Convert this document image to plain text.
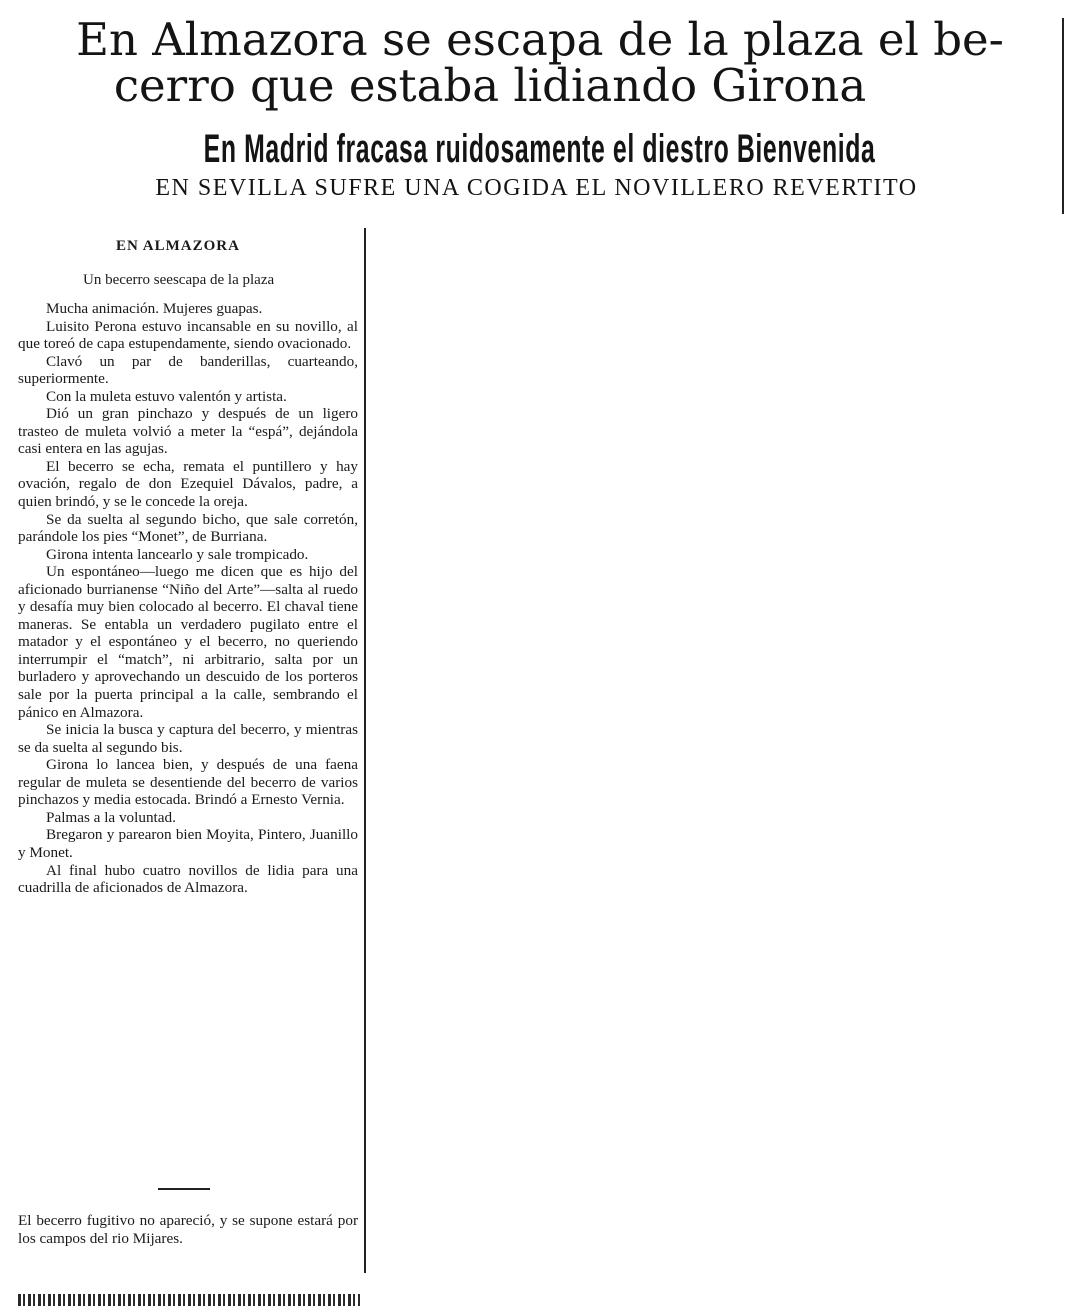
En Almazora se escapa de la plaza el be-
cerro que estaba lidiando Girona
En Madrid fracasa ruidosamente el diestro Bienvenida
EN SEVILLA SUFRE UNA COGIDA EL NOVILLERO REVERTITO
EN ALMAZORA
Un becerro seescapa de la plaza

Mucha animación. Mujeres guapas.

Luisito Perona estuvo incansable en su novillo, al que toreó de capa estupendamente, siendo ovacionado.

Clavó un par de banderillas, cuarteando, superiormente.

Con la muleta estuvo valentón y artista.

Dió un gran pinchazo y después de un ligero trasteo de muleta volvió a meter la “espá”, dejándola casi entera en las agujas.

El becerro se echa, remata el puntillero y hay ovación, regalo de don Ezequiel Dávalos, padre, a quien brindó, y se le concede la oreja.

Se da suelta al segundo bicho, que sale corretón, parándole los pies “Monet”, de Burriana.

Girona intenta lancearlo y sale trompicado.

Un espontáneo—luego me dicen que es hijo del aficionado burrianense “Niño del Arte”—salta al ruedo y desafía muy bien colocado al becerro. El chaval tiene maneras. Se entabla un verdadero pugilato entre el matador y el espontáneo y el becerro, no queriendo interrumpir el “match”, ni arbitrario, salta por un burladero y aprovechando un descuido de los porteros sale por la puerta principal a la calle, sembrando el pánico en Almazora.

Se inicia la busca y captura del becerro, y mientras se da suelta al segundo bis.

Girona lo lancea bien, y después de una faena regular de muleta se desentiende del becerro de varios pinchazos y media estocada. Brindó a Ernesto Vernia.

Palmas a la voluntad.

Bregaron y parearon bien Moyita, Pintero, Juanillo y Monet.

Al final hubo cuatro novillos de lidia para una cuadrilla de aficionados de Almazora.

El becerro fugitivo no apareció, y se supone estará por los campos del rio Mijares.
